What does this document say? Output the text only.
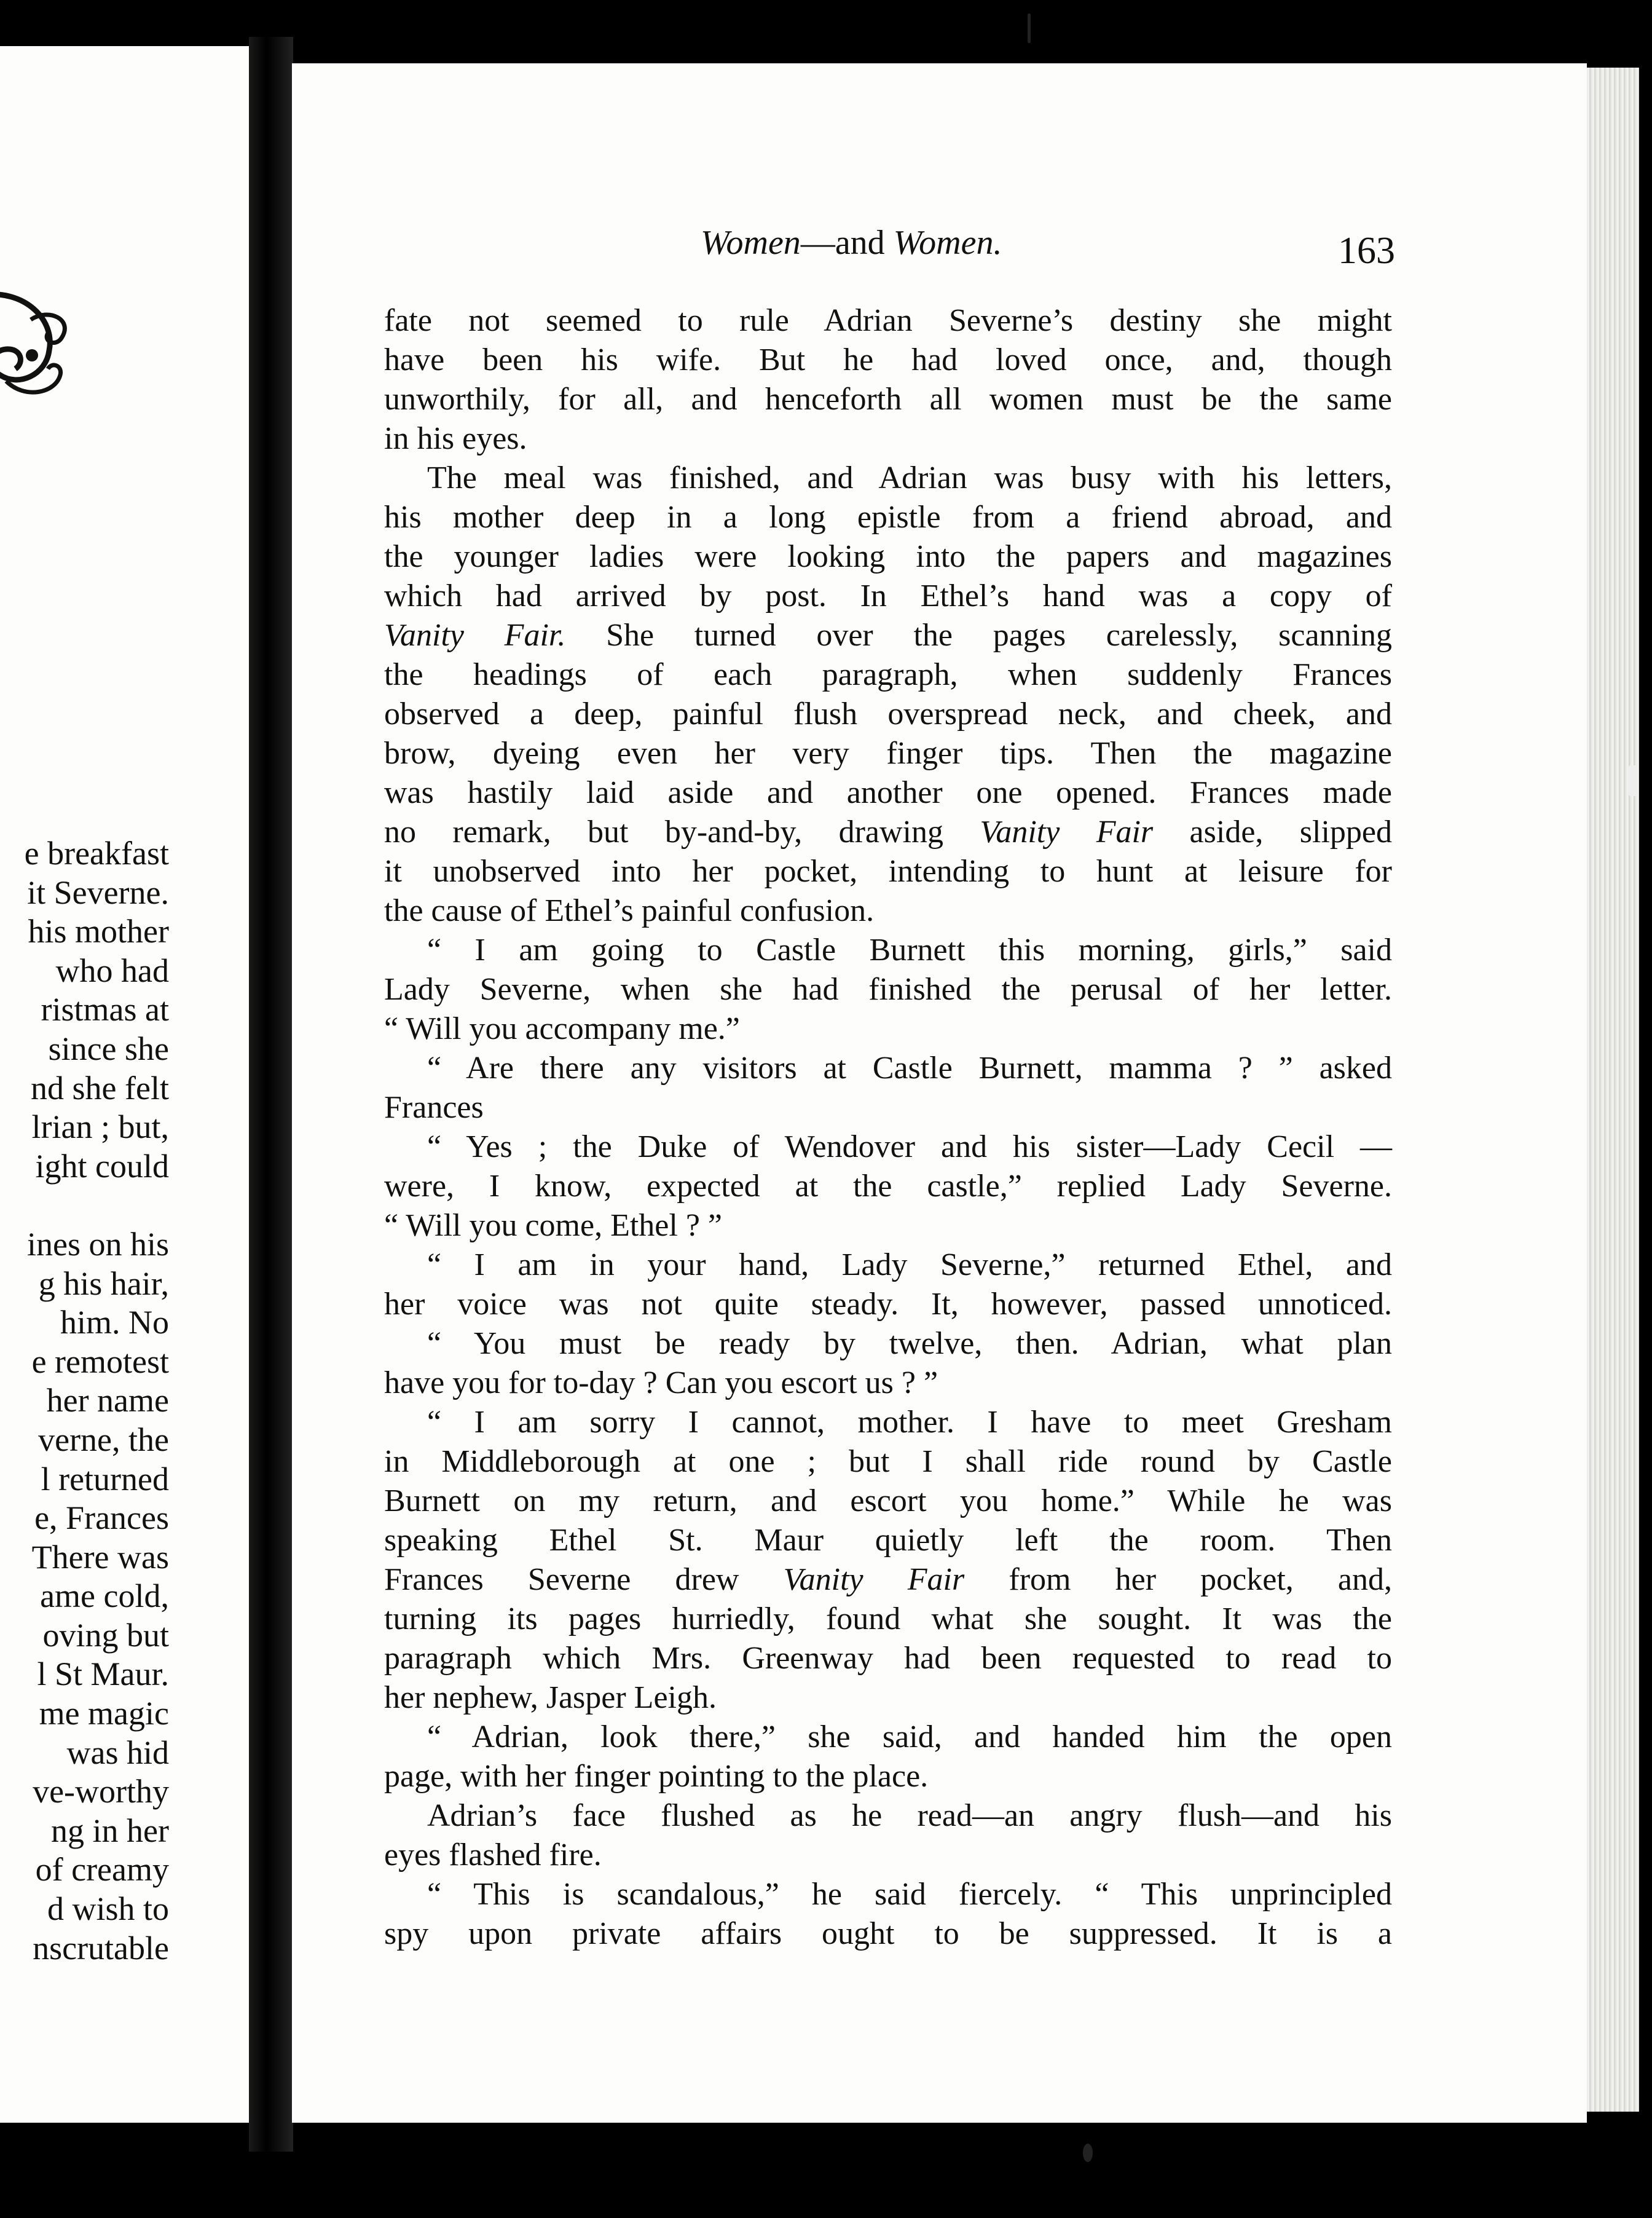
e breakfast
it Severne.
his mother
who had
ristmas at
since she
nd she felt
lrian ; but,
ight could
ines on his
g his hair,
him. No
e remotest
her name
verne, the
l returned
e, Frances
There was
ame cold,
oving but
l St Maur.
me magic
was hid
ve-worthy
ng in her
of creamy
d wish to
nscrutable
Women—and Women.	163
fate not seemed to rule Adrian Severne’s destiny she might
have been his wife. But he had loved once, and, though
unworthily, for all, and henceforth all women must be the same
in his eyes.
The meal was finished, and Adrian was busy with his letters,
his mother deep in a long epistle from a friend abroad, and
the younger ladies were looking into the papers and magazines
which had arrived by post. In Ethel’s hand was a copy of
Vanity Fair. She turned over the pages carelessly, scanning
the headings of each paragraph, when suddenly Frances
observed a deep, painful flush overspread neck, and cheek, and
brow, dyeing even her very finger tips. Then the magazine
was hastily laid aside and another one opened. Frances made
no remark, but by-and-by, drawing Vanity Fair aside, slipped
it unobserved into her pocket, intending to hunt at leisure for
the cause of Ethel’s painful confusion.
“ I am going to Castle Burnett this morning, girls,” said
Lady Severne, when she had finished the perusal of her letter.
“ Will you accompany me.”
“ Are there any visitors at Castle Burnett, mamma ? ” asked
Frances
“ Yes ; the Duke of Wendover and his sister—Lady Cecil —
were, I know, expected at the castle,” replied Lady Severne.
“ Will you come, Ethel ? ”
“ I am in your hand, Lady Severne,” returned Ethel, and
her voice was not quite steady. It, however, passed unnoticed.
“ You must be ready by twelve, then. Adrian, what plan
have you for to-day ? Can you escort us ? ”
“ I am sorry I cannot, mother. I have to meet Gresham
in Middleborough at one ; but I shall ride round by Castle
Burnett on my return, and escort you home.” While he was
speaking Ethel St. Maur quietly left the room. Then
Frances Severne drew Vanity Fair from her pocket, and,
turning its pages hurriedly, found what she sought. It was the
paragraph which Mrs. Greenway had been requested to read to
her nephew, Jasper Leigh.
“ Adrian, look there,” she said, and handed him the open
page, with her finger pointing to the place.
Adrian’s face flushed as he read—an angry flush—and his
eyes flashed fire.
“ This is scandalous,” he said fiercely. “ This unprincipled
spy upon private affairs ought to be suppressed. It is a
